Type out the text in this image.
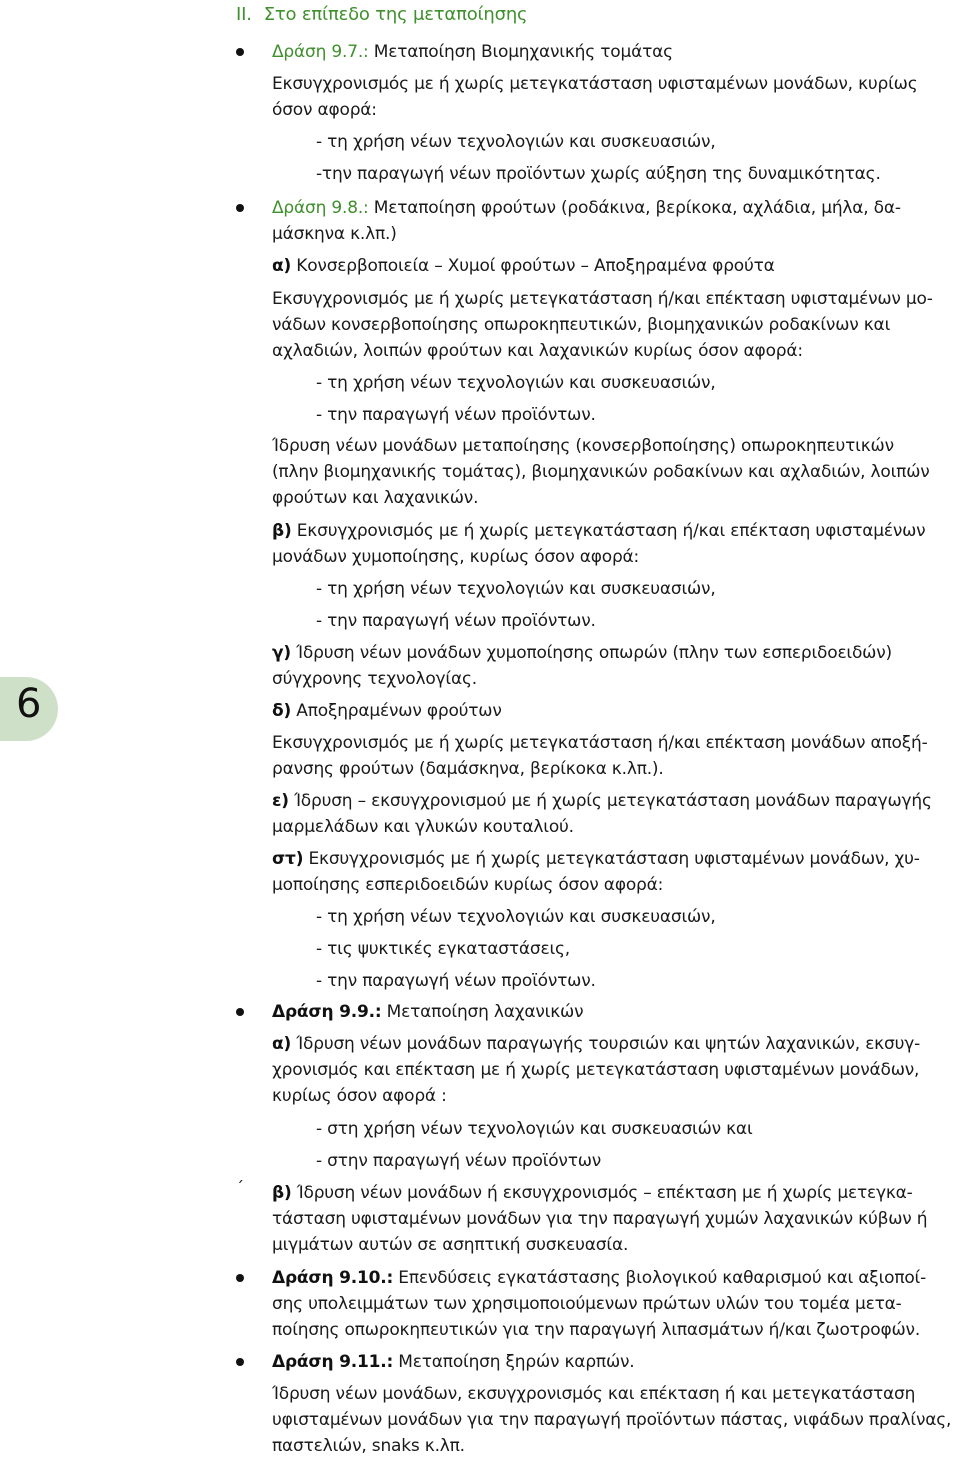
II. Στο επίπεδο της μεταποίησης
6
Δράση 9.7.: Μεταποίηση Βιομηχανικής τομάτας
Εκσυγχρονισμός με ή χωρίς μετεγκατάσταση υφισταμένων μονάδων, κυρίως
όσον αφορά:
- τη χρήση νέων τεχνολογιών και συσκευασιών,
-την παραγωγή νέων προϊόντων χωρίς αύξηση της δυναμικότητας.
Δράση 9.8.: Μεταποίηση φρούτων (ροδάκινα, βερίκοκα, αχλάδια, μήλα, δα-
μάσκηνα κ.λπ.)
α) Κονσερβοποιεία – Χυμοί φρούτων – Αποξηραμένα φρούτα
Εκσυγχρονισμός με ή χωρίς μετεγκατάσταση ή/και επέκταση υφισταμένων μο-
νάδων κονσερβοποίησης οπωροκηπευτικών, βιομηχανικών ροδακίνων και
αχλαδιών, λοιπών φρούτων και λαχανικών κυρίως όσον αφορά:
- τη χρήση νέων τεχνολογιών και συσκευασιών,
- την παραγωγή νέων προϊόντων.
Ίδρυση νέων μονάδων μεταποίησης (κονσερβοποίησης) οπωροκηπευτικών
(πλην βιομηχανικής τομάτας), βιομηχανικών ροδακίνων και αχλαδιών, λοιπών
φρούτων και λαχανικών.
β) Εκσυγχρονισμός με ή χωρίς μετεγκατάσταση ή/και επέκταση υφισταμένων
μονάδων χυμοποίησης, κυρίως όσον αφορά:
- τη χρήση νέων τεχνολογιών και συσκευασιών,
- την παραγωγή νέων προϊόντων.
γ) Ίδρυση νέων μονάδων χυμοποίησης οπωρών (πλην των εσπεριδοειδών)
σύγχρονης τεχνολογίας.
δ) Αποξηραμένων φρούτων
Εκσυγχρονισμός με ή χωρίς μετεγκατάσταση ή/και επέκταση μονάδων αποξή-
ρανσης φρούτων (δαμάσκηνα, βερίκοκα κ.λπ.).
ε) Ίδρυση – εκσυγχρονισμού με ή χωρίς μετεγκατάσταση μονάδων παραγωγής
μαρμελάδων και γλυκών κουταλιού.
στ) Εκσυγχρονισμός με ή χωρίς μετεγκατάσταση υφισταμένων μονάδων, χυ-
μοποίησης εσπεριδοειδών κυρίως όσον αφορά:
- τη χρήση νέων τεχνολογιών και συσκευασιών,
- τις ψυκτικές εγκαταστάσεις,
- την παραγωγή νέων προϊόντων.
Δράση 9.9.: Μεταποίηση λαχανικών
α) Ίδρυση νέων μονάδων παραγωγής τουρσιών και ψητών λαχανικών, εκσυγ-
χρονισμός και επέκταση με ή χωρίς μετεγκατάσταση υφισταμένων μονάδων,
κυρίως όσον αφορά :
- στη χρήση νέων τεχνολογιών και συσκευασιών και
- στην παραγωγή νέων προϊόντων
´ β) Ίδρυση νέων μονάδων ή εκσυγχρονισμός – επέκταση με ή χωρίς μετεγκα-
τάσταση υφισταμένων μονάδων για την παραγωγή χυμών λαχανικών κύβων ή
μιγμάτων αυτών σε ασηπτική συσκευασία.
Δράση 9.10.: Επενδύσεις εγκατάστασης βιολογικού καθαρισμού και αξιοποί-
σης υπολειμμάτων των χρησιμοποιούμενων πρώτων υλών του τομέα μετα-
ποίησης οπωροκηπευτικών για την παραγωγή λιπασμάτων ή/και ζωοτροφών.
Δράση 9.11.: Μεταποίηση ξηρών καρπών.
Ίδρυση νέων μονάδων, εκσυγχρονισμός και επέκταση ή και μετεγκατάσταση
υφισταμένων μονάδων για την παραγωγή προϊόντων πάστας, νιφάδων πραλίνας,
παστελιών, snaks κ.λπ.
